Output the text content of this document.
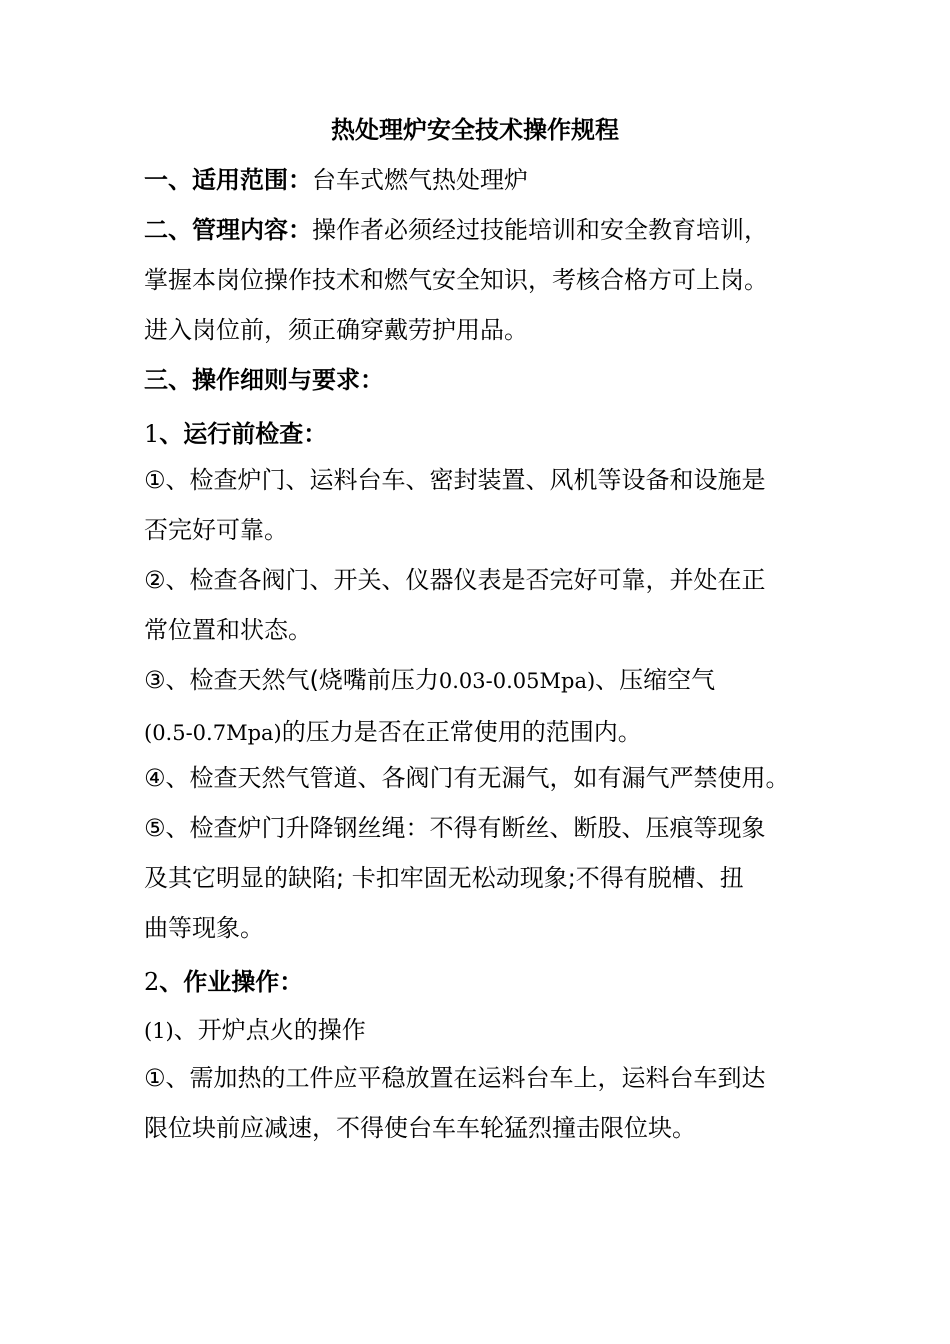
热处理炉安全技术操作规程
一、适用范围：台车式燃气热处理炉
二、管理内容：操作者必须经过技能培训和安全教育培训，
掌握本岗位操作技术和燃气安全知识，考核合格方可上岗。
进入岗位前，须正确穿戴劳护用品。
三、操作细则与要求：
1、运行前检查：
①、检查炉门、运料台车、密封装置、风机等设备和设施是
否完好可靠。
②、检查各阀门、开关、仪器仪表是否完好可靠，并处在正
常位置和状态。
③、检查天然气(烧嘴前压力0.03-0.05Mpa)、压缩空气
(0.5-0.7Mpa)的压力是否在正常使用的范围内。
④、检查天然气管道、各阀门有无漏气，如有漏气严禁使用。
⑤、检查炉门升降钢丝绳：不得有断丝、断股、压痕等现象
及其它明显的缺陷; 卡扣牢固无松动现象;不得有脱槽、扭
曲等现象。
2、作业操作：
(1)、开炉点火的操作
①、需加热的工件应平稳放置在运料台车上，运料台车到达
限位块前应减速，不得使台车车轮猛烈撞击限位块。
